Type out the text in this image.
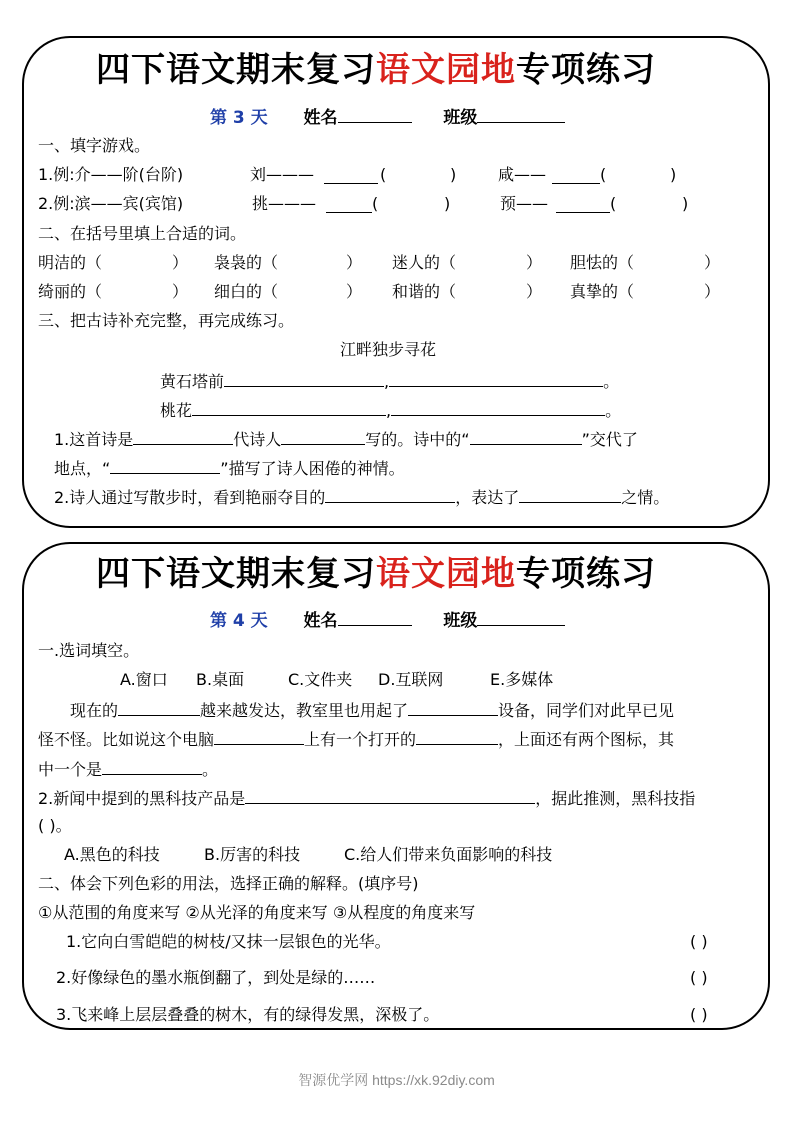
四下语文期末复习语文园地专项练习
第 3 天 姓名	班级
一、填字游戏。
1.例:介——阶(台阶)	刘———	(	)	咸——	(	)
2.例:滨——宾(宾馆)	挑———	(	)	预——	(	)
二、在括号里填上合适的词。
明洁的（	） 袅袅的（	） 迷人的（	） 胆怯的（	）
绮丽的（	） 细白的（	） 和谐的（	） 真挚的（	）
三、把古诗补充完整，再完成练习。
江畔独步寻花
黄石塔前	,	。
桃花	,	。
1.这首诗是	代诗人	写的。诗中的“	”交代了
地点，“	”描写了诗人困倦的神情。
2.诗人通过写散步时，看到艳丽夺目的	，表达了	之情。
四下语文期末复习语文园地专项练习
第 4 天 姓名	班级
一.选词填空。
A.窗口 B.桌面	C.文件夹 D.互联网	E.多媒体
现在的	越来越发达，教室里也用起了	设备，同学们对此早已见
怪不怪。比如说这个电脑	上有一个打开的	，上面还有两个图标，其
中一个是	。
2.新闻中提到的黑科技产品是	，据此推测，黑科技指
( )。
A.黑色的科技	B.厉害的科技	C.给人们带来负面影响的科技
二、体会下列色彩的用法，选择正确的解释。(填序号)
①从范围的角度来写 ②从光泽的角度来写 ③从程度的角度来写
1.它向白雪皑皑的树枝/又抹一层银色的光华。	( )
2.好像绿色的墨水瓶倒翻了，到处是绿的……	( )
3.飞来峰上层层叠叠的树木，有的绿得发黑，深极了。	( )
智源优学网 https://xk.92diy.com
